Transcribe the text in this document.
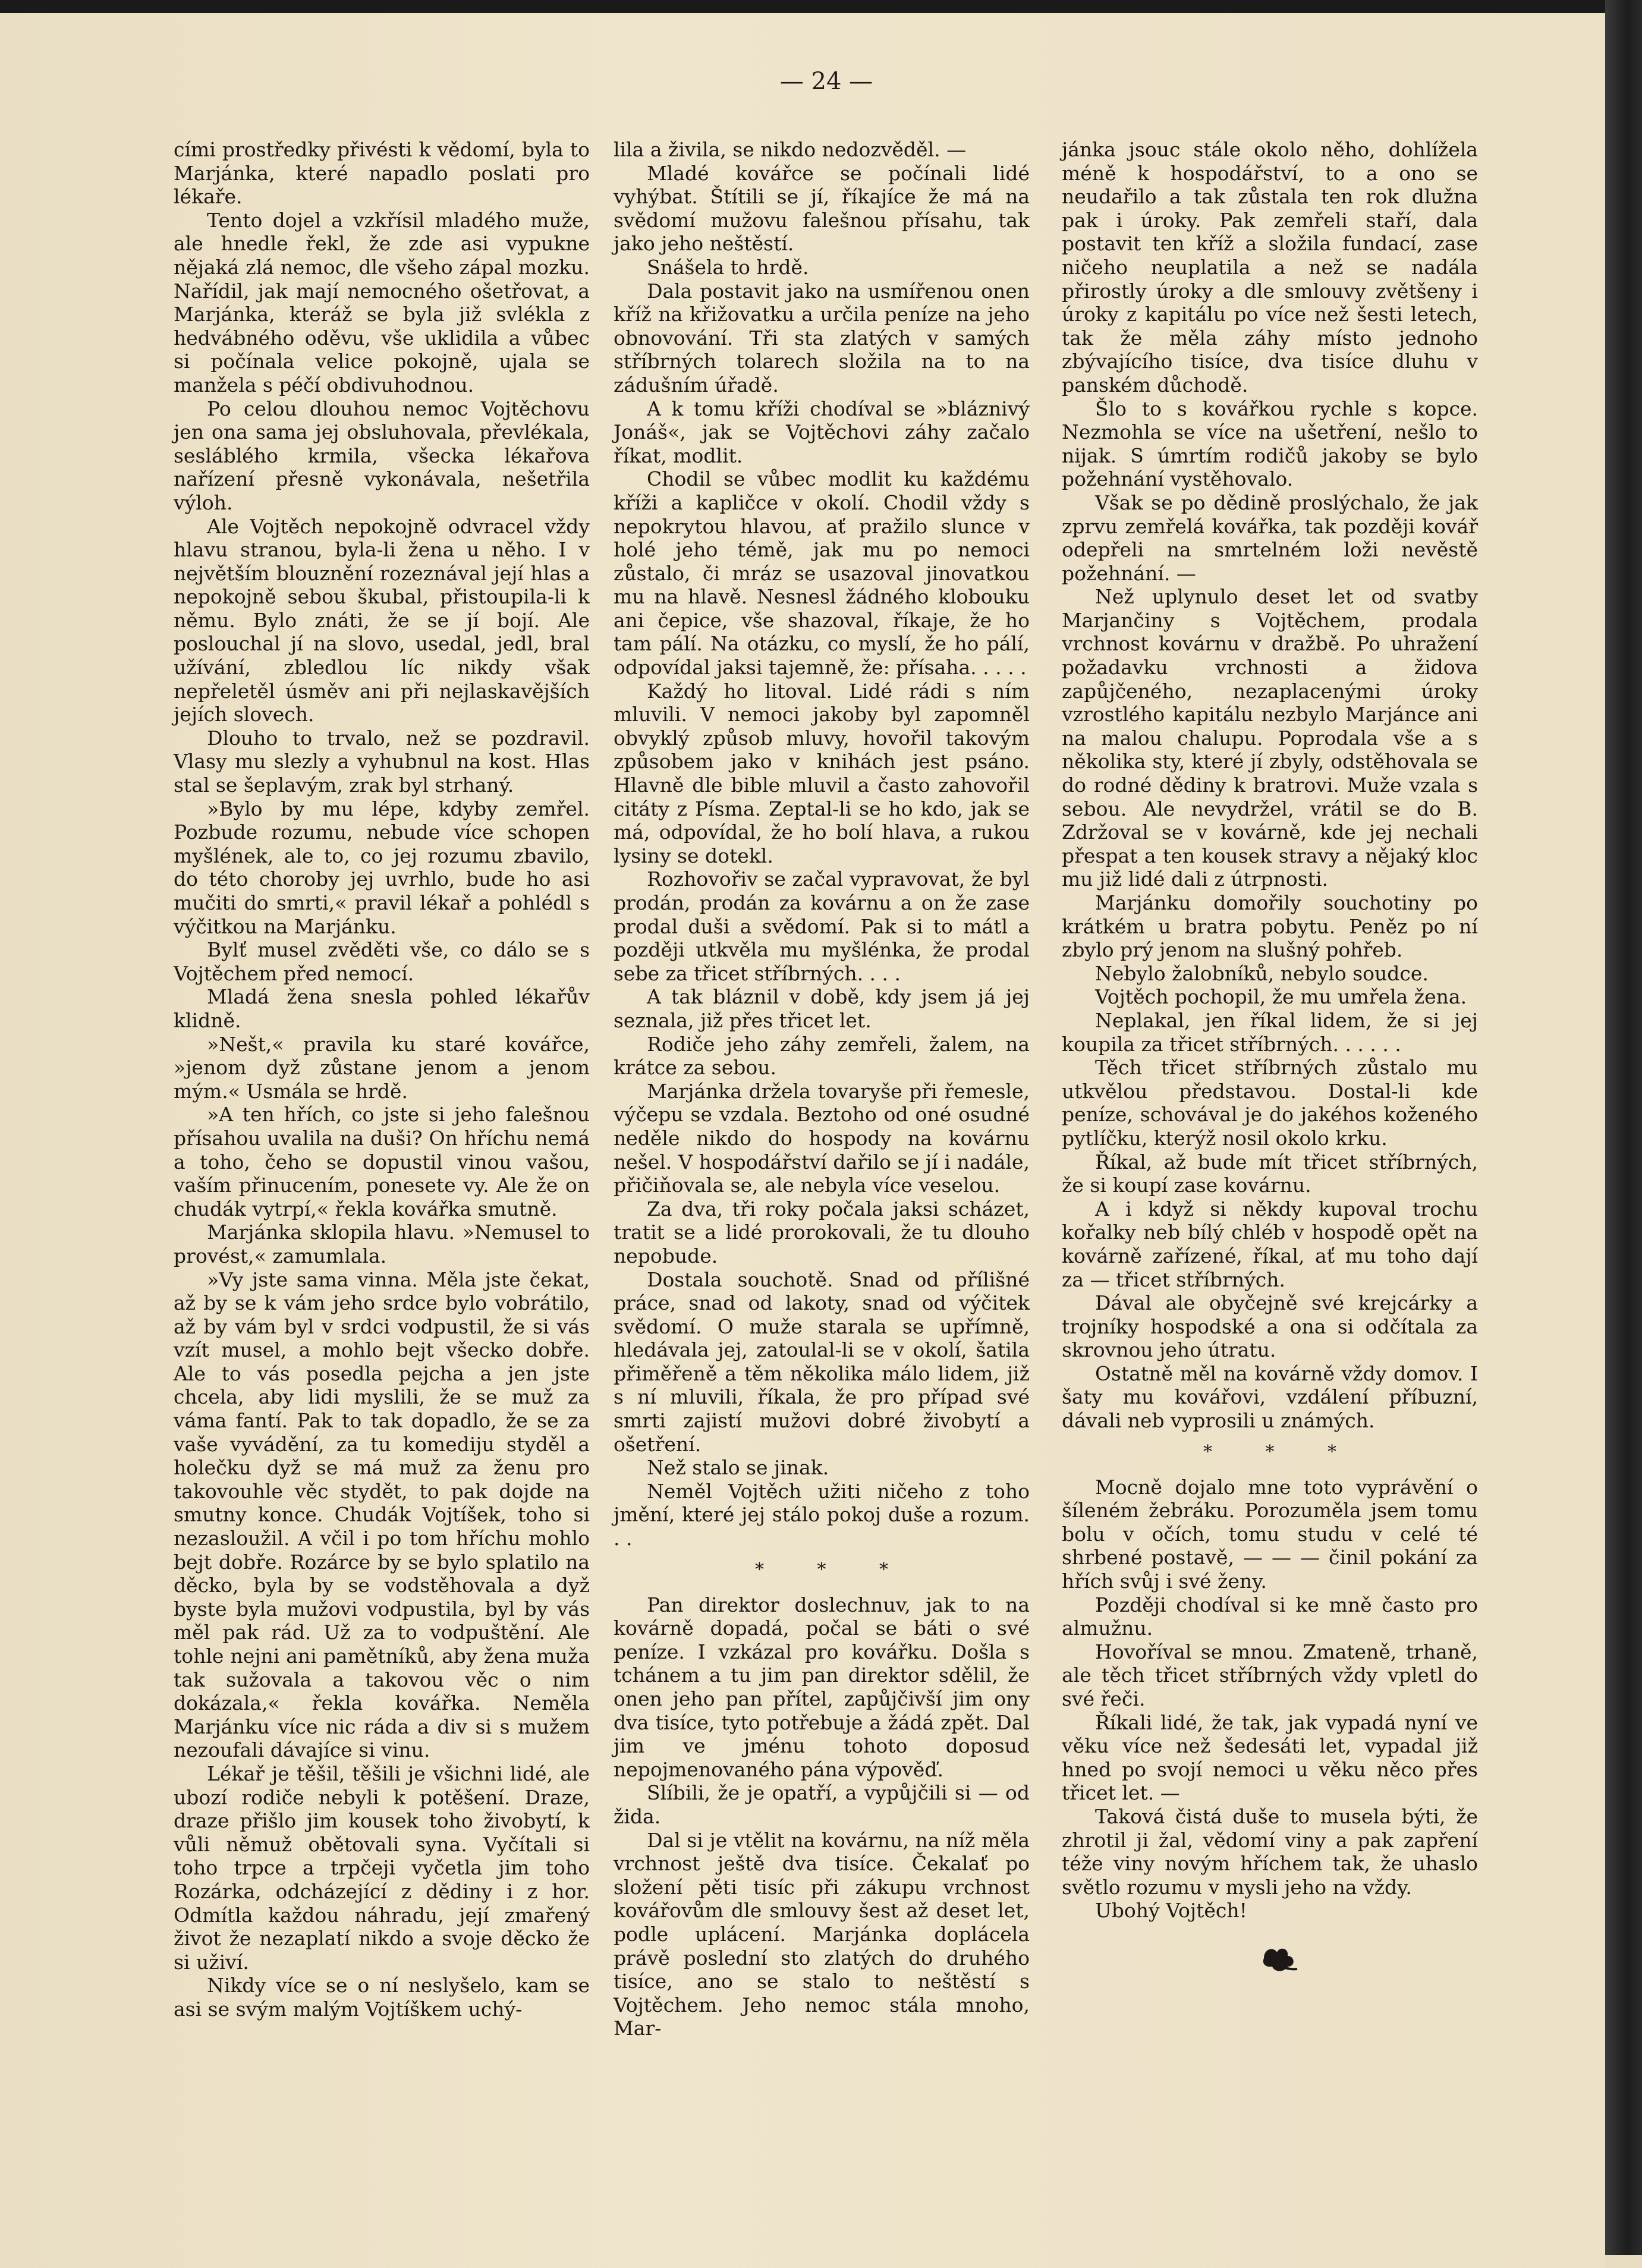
— 24 —

cími prostředky přivésti k vědomí, byla to Marjánka, které napadlo poslati pro lékaře.

Tento dojel a vzkřísil mladého muže, ale hnedle řekl, že zde asi vypukne nějaká zlá nemoc, dle všeho zápal mozku. Nařídil, jak mají nemocného ošetřovat, a Marjánka, kteráž se byla již svlékla z hedvábného oděvu, vše uklidila a vůbec si počínala velice pokojně, ujala se manžela s péčí obdivuhodnou.

Po celou dlouhou nemoc Vojtěchovu jen ona sama jej obsluhovala, převlékala, seslábléhо krmila, všecka lékařova nařízení přesně vykonávala, nešetřila výloh.

Ale Vojtěch nepokojně odvracel vždy hlavu stranou, byla-li žena u něho. I v největším blouznění rozeznával její hlas a nepokojně sebou škubal, přistoupila-li k němu. Bylo znáti, že se jí bojí. Ale poslouchal jí na slovo, usedal, jedl, bral užívání, zbledlou líc nikdy však nepřeletěl úsměv ani při nejlaskavějších jejích slovech.

Dlouho to trvalo, než se pozdravil. Vlasy mu slezly a vyhubnul na kost. Hlas stal se šeplavým, zrak byl strhaný.

»Bylo by mu lépe, kdyby zemřel. Pozbude rozumu, nebude více schopen myšlének, ale to, co jej rozumu zbavilo, do této choroby jej uvrhlo, bude ho asi mučiti do smrti,« pravil lékař a pohlédl s výčitkou na Marjánku.

Bylť musel zvěděti vše, co dálo se s Vojtěchem před nemocí.

Mladá žena snesla pohled lékařův klidně.

»Nešt,« pravila ku staré kovářce, »jenom dyž zůstane jenom a jenom mým.« Usmála se hrdě.

»A ten hřích, co jste si jeho falešnou přísahou uvalila na duši? On hříchu nemá a toho, čeho se dopustil vinou vašou, vaším přinucením, ponesete vy. Ale že on chudák vytrpí,« řekla kovářka smutně.

Marjánka sklopila hlavu. »Nemusel to provést,« zamumlala.

»Vy jste sama vinna. Měla jste čekat, až by se k vám jeho srdce bylo vobrátilo, až by vám byl v srdci vodpustil, že si vás vzít musel, a mohlo bejt všecko dobře. Ale to vás posedla pejcha a jen jste chcela, aby lidi myslili, že se muž za váma fantí. Pak to tak dopadlo, že se za vaše vyvádění, za tu komediju styděl a holečku dyž se má muž za ženu pro takovouhle věc stydět, to pak dojde na smutny konce. Chudák Vojtíšek, toho si nezasloužil. A včil i po tom hříchu mohlo bejt dobře. Rozárce by se bylo splatilo na děcko, byla by se vodstěhovala a dyž byste byla mužovi vodpustila, byl by vás měl pak rád. Už za to vodpuštění. Ale tohle nejni ani pamětníků, aby žena muža tak sužovala a takovou věc o nim dokázala,« řekla kovářka. Neměla Marjánku více nic ráda a div si s mužem nezoufali dávajíce si vinu.

Lékař je těšil, těšili je všichni lidé, ale ubozí rodiče nebyli k potěšení. Draze, draze přišlo jim kousek toho živobytí, k vůli němuž obětovali syna. Vyčítali si toho trpce a trpčeji vyčetla jim toho Rozárka, odcházející z dědiny i z hor. Odmítla každou náhradu, její zmařený život že nezaplatí nikdo a svoje děcko že si uživí.

Nikdy více se o ní neslyšelo, kam se asi se svým malým Vojtíškem uchý-

lila a živila, se nikdo nedozvěděl. —

Mladé kovářce se počínali lidé vyhýbat. Štítili se jí, říkajíce že má na svědomí mužovu falešnou přísahu, tak jako jeho neštěstí.

Snášela to hrdě.

Dala postavit jako na usmířenou onen kříž na křižovatku a určila peníze na jeho obnovování. Tři sta zlatých v samých stříbrných tolarech složila na to na zádušním úřadě.

A k tomu kříži chodíval se »bláznivý Jonáš«, jak se Vojtěchovi záhy začalo říkat, modlit.

Chodil se vůbec modlit ku každému kříži a kapličce v okolí. Chodil vždy s nepokrytou hlavou, ať pražilo slunce v holé jeho témě, jak mu po nemoci zůstalo, či mráz se usazoval jinovatkou mu na hlavě. Nesnesl žádného klobouku ani čepice, vše shazoval, říkaje, že ho tam pálí. Na otázku, co myslí, že ho pálí, odpovídal jaksi tajemně, že: přísaha. . . . .

Každý ho litoval. Lidé rádi s ním mluvili. V nemoci jakoby byl zapomněl obvyklý způsob mluvy, hovořil takovým způsobem jako v knihách jest psáno. Hlavně dle bible mluvil a často zahovořil citáty z Písma. Zeptal-li se ho kdo, jak se má, odpovídal, že ho bolí hlava, a rukou lysiny se dotekl.

Rozhovořiv se začal vypravovat, že byl prodán, prodán za kovárnu a on že zase prodal duši a svědomí. Pak si to mátl a později utkvěla mu myšlénka, že prodal sebe za třicet stříbrných. . . .

A tak bláznil v době, kdy jsem já jej seznala, již přes třicet let.

Rodiče jeho záhy zemřeli, žalem, na krátce za sebou.

Marjánka držela tovaryše při řemesle, výčepu se vzdala. Beztoho od oné osudné neděle nikdo do hospody na kovárnu nešel. V hospodářství dařilo se jí i nadále, přičiňovala se, ale nebyla více veselou.

Za dva, tři roky počala jaksi scházet, tratit se a lidé prorokovali, že tu dlouho nepobude.

Dostala souchotě. Snad od přílišné práce, snad od lakoty, snad od výčitek svědomí. O muže starala se upřímně, hledávala jej, zatoulal-li se v okolí, šatila přiměřeně a těm několika málo lidem, již s ní mluvili, říkala, že pro případ své smrti zajistí mužovi dobré živobytí a ošetření.

Než stalo se jinak.

Neměl Vojtěch užiti ničeho z toho jmění, které jej stálo pokoj duše a rozum. . .

* * *

Pan direktor doslechnuv, jak to na kovárně dopadá, počal se báti o své peníze. I vzkázal pro kovářku. Došla s tchánem a tu jim pan direktor sdělil, že onen jeho pan přítel, zapůjčivší jim ony dva tisíce, tyto potřebuje a žádá zpět. Dal jim ve jménu tohoto doposud nepojmenovaného pána výpověď.

Slíbili, že je opatří, a vypůjčili si — od žida.

Dal si je vtělit na kovárnu, na níž měla vrchnost ještě dva tisíce. Čekalať po složení pěti tisíc při zákupu vrchnost kovářovům dle smlouvy šest až deset let, podle uplácení. Marjánka doplácela právě poslední sto zlatých do druhého tisíce, ano se stalo to neštěstí s Vojtěchem. Jeho nemoc stála mnoho, Mar-

jánka jsouc stále okolo něho, dohlížela méně k hospodářství, to a ono se neudařilo a tak zůstala ten rok dlužna pak i úroky. Pak zemřeli staří, dala postavit ten kříž a složila fundací, zase ničeho neuplatila a než se nadála přirostly úroky a dle smlouvy zvětšeny i úroky z kapitálu po více než šesti letech, tak že měla záhy místo jednoho zbývajícího tisíce, dva tisíce dluhu v panském důchodě.

Šlo to s kovářkou rychle s kopce. Nezmohla se více na ušetření, nešlo to nijak. S úmrtím rodičů jakoby se bylo požehnání vystěhovalo.

Však se po dědině proslýchalo, že jak zprvu zemřelá kovářka, tak později kovář odepřeli na smrtelném loži nevěstě požehnání. —

Než uplynulo deset let od svatby Marjančiny s Vojtěchem, prodala vrchnost kovárnu v dražbě. Po uhražení požadavku vrchnosti a židova zapůjčeného, nezaplacenými úroky vzrostlého kapitálu nezbylo Marjánce ani na malou chalupu. Poprodala vše a s několika sty, které jí zbyly, odstěhovala se do rodné dědiny k bratrovi. Muže vzala s sebou. Ale nevydržel, vrátil se do B. Zdržoval se v kovárně, kde jej nechali přespat a ten kousek stravy a nějaký kloc mu již lidé dali z útrpnosti.

Marjánku domořily souchotiny po krátkém u bratra pobytu. Peněz po ní zbylo prý jenom na slušný pohřeb.

Nebylo žalobníků, nebylo soudce.

Vojtěch pochopil, že mu umřela žena.

Neplakal, jen říkal lidem, že si jej koupila za třicet stříbrných. . . . . .

Těch třicet stříbrných zůstalo mu utkvělou představou. Dostal-li kde peníze, schovával je do jakéhos koženého pytlíčku, kterýž nosil okolo krku.

Říkal, až bude mít třicet stříbrných, že si koupí zase kovárnu.

A i když si někdy kupoval trochu kořalky neb bílý chléb v hospodě opět na kovárně zařízené, říkal, ať mu toho dají za — třicet stříbrných.

Dával ale obyčejně své krejcárky a trojníky hospodské a ona si odčítala za skrovnou jeho útratu.

Ostatně měl na kovárně vždy domov. I šaty mu kovářovi, vzdálení příbuzní, dávali neb vyprosili u známých.

* * *

Mocně dojalo mne toto vyprávění o šíleném žebráku. Porozuměla jsem tomu bolu v očích, tomu studu v celé té shrbené postavě, — — — činil pokání za hřích svůj i své ženy.

Později chodíval si ke mně často pro almužnu.

Hovoříval se mnou. Zmateně, trhaně, ale těch třicet stříbrných vždy vpletl do své řeči.

Říkali lidé, že tak, jak vypadá nyní ve věku více než šedesáti let, vypadal již hned po svojí nemoci u věku něco přes třicet let. —

Taková čistá duše to musela býti, že zhrotil ji žal, vědomí viny a pak zapření téže viny novým hříchem tak, že uhaslo světlo rozumu v mysli jeho na vždy.

Ubohý Vojtěch!
